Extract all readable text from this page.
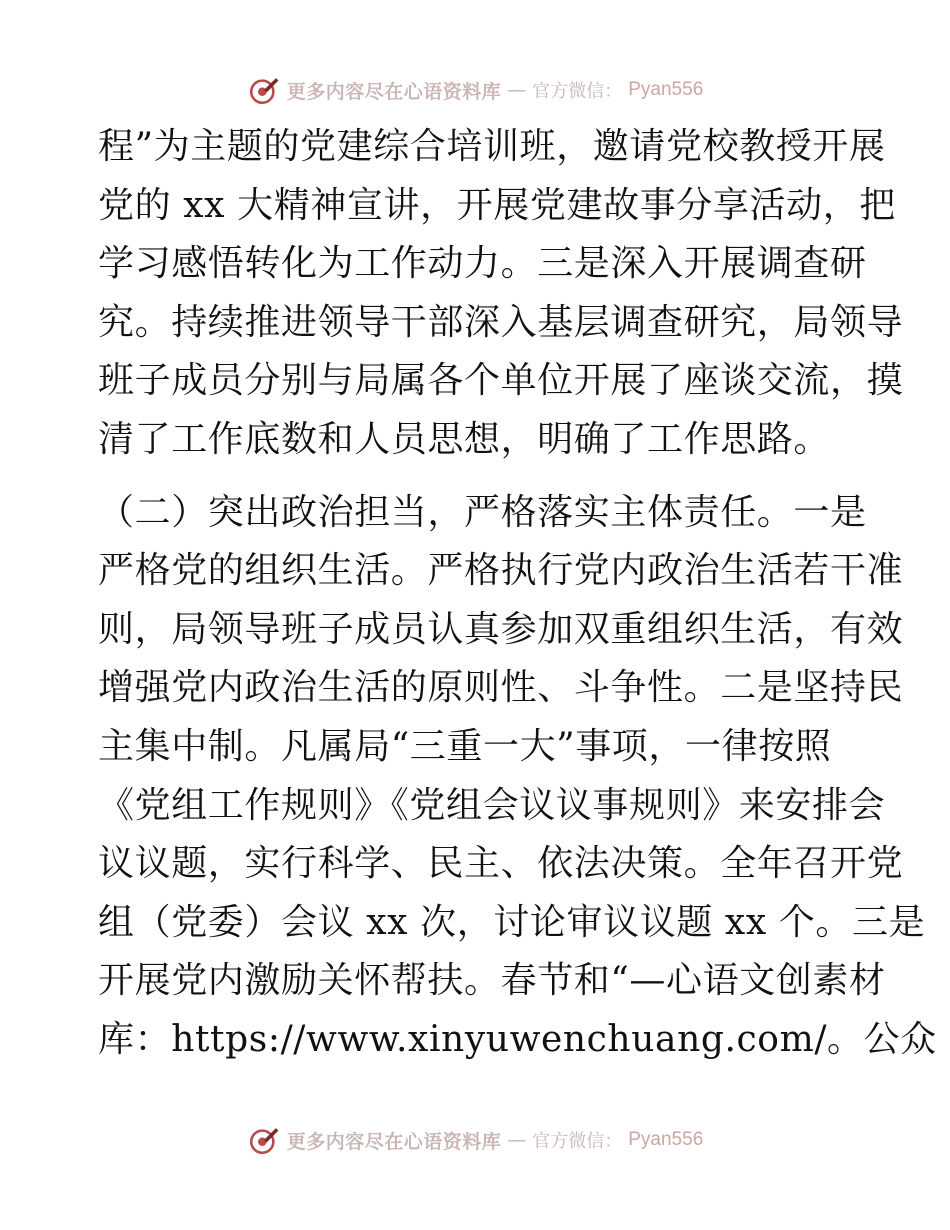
更多内容尽在心语资料库 — 官方微信： Pyan556
程”为主题的党建综合培训班，邀请党校教授开展
党的 xx 大精神宣讲，开展党建故事分享活动，把
学习感悟转化为工作动力。三是深入开展调查研
究。持续推进领导干部深入基层调查研究，局领导
班子成员分别与局属各个单位开展了座谈交流，摸
清了工作底数和人员思想，明确了工作思路。
（二）突出政治担当，严格落实主体责任。一是
严格党的组织生活。严格执行党内政治生活若干准
则，局领导班子成员认真参加双重组织生活，有效
增强党内政治生活的原则性、斗争性。二是坚持民
主集中制。凡属局“三重一大”事项，一律按照
《党组工作规则》《党组会议议事规则》来安排会
议议题，实行科学、民主、依法决策。全年召开党
组（党委）会议 xx 次，讨论审议议题 xx 个。三是
开展党内激励关怀帮扶。春节和“—心语文创素材
库：https://www.xinyuwenchuang.com/。公众
更多内容尽在心语资料库 — 官方微信： Pyan556
